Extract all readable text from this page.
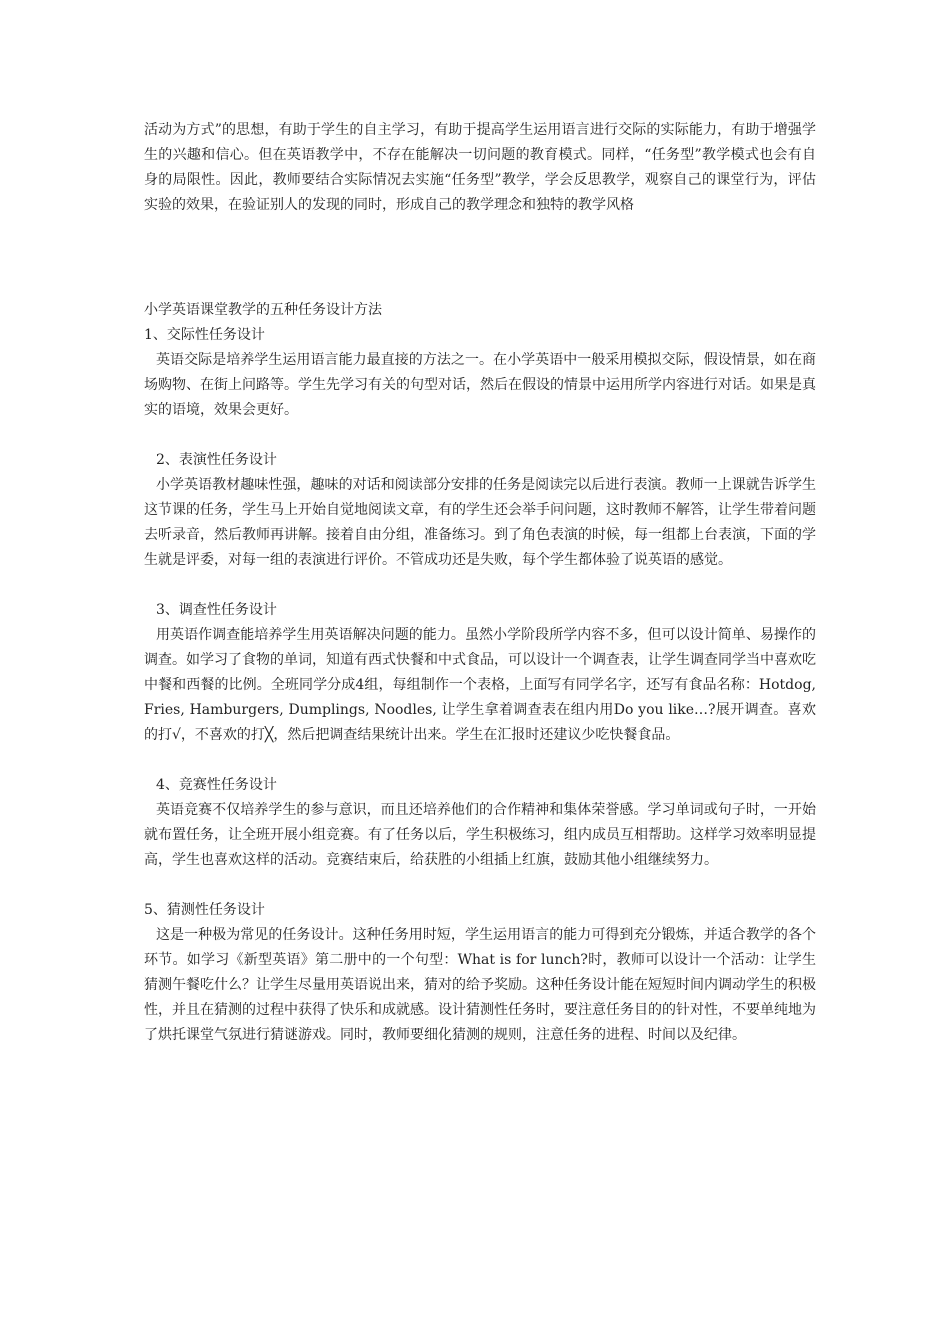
活动为方式”的思想，有助于学生的自主学习，有助于提高学生运用语言进行交际的实际能力，有助于增强学生的兴趣和信心。但在英语教学中，不存在能解决一切问题的教育模式。同样，“任务型”教学模式也会有自身的局限性。因此，教师要结合实际情况去实施“任务型”教学，学会反思教学，观察自己的课堂行为，评估实验的效果，在验证别人的发现的同时，形成自己的教学理念和独特的教学风格

小学英语课堂教学的五种任务设计方法

1、交际性任务设计

英语交际是培养学生运用语言能力最直接的方法之一。在小学英语中一般采用模拟交际，假设情景，如在商场购物、在街上问路等。学生先学习有关的句型对话，然后在假设的情景中运用所学内容进行对话。如果是真实的语境，效果会更好。

2、表演性任务设计

小学英语教材趣味性强，趣味的对话和阅读部分安排的任务是阅读完以后进行表演。教师一上课就告诉学生这节课的任务，学生马上开始自觉地阅读文章，有的学生还会举手问问题，这时教师不解答，让学生带着问题去听录音，然后教师再讲解。接着自由分组，准备练习。到了角色表演的时候，每一组都上台表演，下面的学生就是评委，对每一组的表演进行评价。不管成功还是失败，每个学生都体验了说英语的感觉。

3、调查性任务设计

用英语作调查能培养学生用英语解决问题的能力。虽然小学阶段所学内容不多，但可以设计简单、易操作的调查。如学习了食物的单词，知道有西式快餐和中式食品，可以设计一个调查表，让学生调查同学当中喜欢吃中餐和西餐的比例。全班同学分成4组，每组制作一个表格，上面写有同学名字，还写有食品名称：Hotdog, Fries, Hamburgers, Dumplings, Noodles, 让学生拿着调查表在组内用Do you like…?展开调查。喜欢的打√，不喜欢的打╳，然后把调查结果统计出来。学生在汇报时还建议少吃快餐食品。

4、竞赛性任务设计

英语竞赛不仅培养学生的参与意识，而且还培养他们的合作精神和集体荣誉感。学习单词或句子时，一开始就布置任务，让全班开展小组竞赛。有了任务以后，学生积极练习，组内成员互相帮助。这样学习效率明显提高，学生也喜欢这样的活动。竞赛结束后，给获胜的小组插上红旗，鼓励其他小组继续努力。

5、猜测性任务设计

这是一种极为常见的任务设计。这种任务用时短，学生运用语言的能力可得到充分锻炼，并适合教学的各个环节。如学习《新型英语》第二册中的一个句型：What is for lunch?时，教师可以设计一个活动：让学生猜测午餐吃什么？让学生尽量用英语说出来，猜对的给予奖励。这种任务设计能在短短时间内调动学生的积极性，并且在猜测的过程中获得了快乐和成就感。设计猜测性任务时，要注意任务目的的针对性，不要单纯地为了烘托课堂气氛进行猜谜游戏。同时，教师要细化猜测的规则，注意任务的进程、时间以及纪律。
